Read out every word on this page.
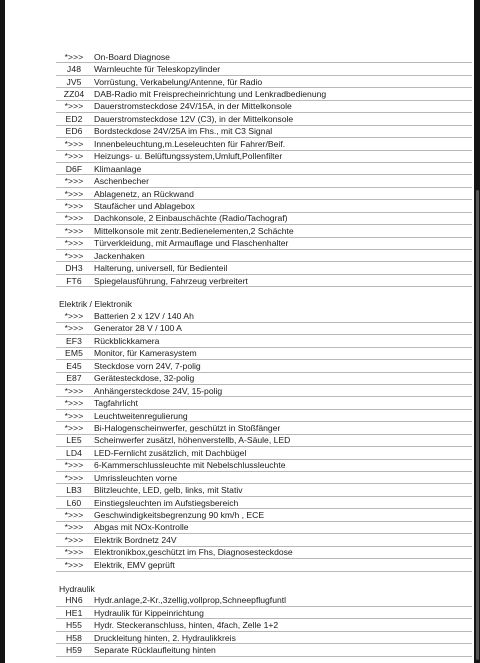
*>>>	On-Board Diagnose
J48	Warnleuchte für Teleskopzylinder
JV5	Vorrüstung, Verkabelung/Antenne, für Radio
ZZ04	DAB-Radio mit Freisprecheinrichtung und Lenkradbedienung
*>>>	Dauerstromsteckdose 24V/15A, in der Mittelkonsole
ED2	Dauerstromsteckdose 12V (C3), in der Mittelkonsole
ED6	Bordsteckdose 24V/25A im Fhs., mit C3 Signal
*>>>	Innenbeleuchtung,m.Leseleuchten für Fahrer/Beif.
*>>>	Heizungs- u. Belüftungssystem,Umluft,Pollenfilter
D6F	Klimaanlage
*>>>	Aschenbecher
*>>>	Ablagenetz, an Rückwand
*>>>	Staufächer und Ablagebox
*>>>	Dachkonsole, 2 Einbauschächte (Radio/Tachograf)
*>>>	Mittelkonsole mit zentr.Bedienelementen,2 Schächte
*>>>	Türverkleidung, mit Armauflage und Flaschenhalter
*>>>	Jackenhaken
DH3	Halterung, universell, für Bedienteil
FT6	Spiegelausführung, Fahrzeug verbreitert
Elektrik / Elektronik
*>>>	Batterien 2 x 12V / 140 Ah
*>>>	Generator 28 V / 100 A
EF3	Rückblickkamera
EM5	Monitor, für Kamerasystem
E45	Steckdose vorn 24V, 7-polig
E87	Gerätesteckdose, 32-polig
*>>>	Anhängersteckdose 24V, 15-polig
*>>>	Tagfahrlicht
*>>>	Leuchtweitenregulierung
*>>>	Bi-Halogenscheinwerfer, geschützt in Stoßfänger
LE5	Scheinwerfer zusätzl, höhenverstellb, A-Säule, LED
LD4	LED-Fernlicht zusätzlich, mit Dachbügel
*>>>	6-Kammerschlussleuchte mit Nebelschlussleuchte
*>>>	Umrissleuchten vorne
LB3	Blitzleuchte, LED, gelb, links, mit Stativ
L60	Einstiegsleuchten im Aufstiegsbereich
*>>>	Geschwindigkeitsbegrenzung 90 km/h , ECE
*>>>	Abgas mit NOx-Kontrolle
*>>>	Elektrik Bordnetz 24V
*>>>	Elektronikbox,geschützt im Fhs, Diagnosesteckdose
*>>>	Elektrik, EMV geprüft
Hydraulik
HN6	Hydr.anlage,2-Kr.,3zellig,vollprop,Schneepflugfuntl
HE1	Hydraulik für Kippeinrichtung
H55	Hydr. Steckeranschluss, hinten, 4fach, Zelle 1+2
H58	Druckleitung hinten, 2. Hydraulikkreis
H59	Separate Rücklaufleitung hinten
